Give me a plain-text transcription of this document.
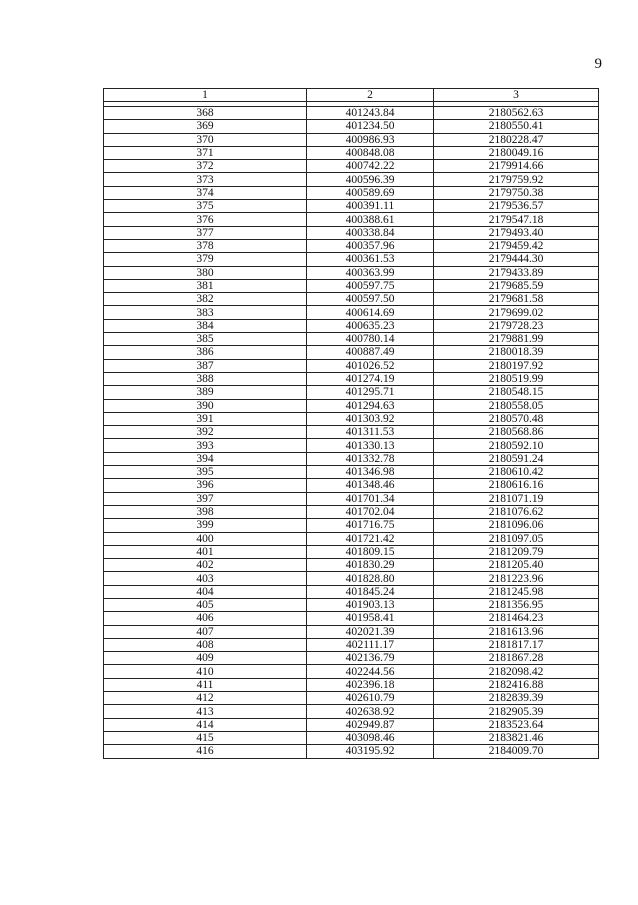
9
1	2	3

368	401243.84	2180562.63
369	401234.50	2180550.41
370	400986.93	2180228.47
371	400848.08	2180049.16
372	400742.22	2179914.66
373	400596.39	2179759.92
374	400589.69	2179750.38
375	400391.11	2179536.57
376	400388.61	2179547.18
377	400338.84	2179493.40
378	400357.96	2179459.42
379	400361.53	2179444.30
380	400363.99	2179433.89
381	400597.75	2179685.59
382	400597.50	2179681.58
383	400614.69	2179699.02
384	400635.23	2179728.23
385	400780.14	2179881.99
386	400887.49	2180018.39
387	401026.52	2180197.92
388	401274.19	2180519.99
389	401295.71	2180548.15
390	401294.63	2180558.05
391	401303.92	2180570.48
392	401311.53	2180568.86
393	401330.13	2180592.10
394	401332.78	2180591.24
395	401346.98	2180610.42
396	401348.46	2180616.16
397	401701.34	2181071.19
398	401702.04	2181076.62
399	401716.75	2181096.06
400	401721.42	2181097.05
401	401809.15	2181209.79
402	401830.29	2181205.40
403	401828.80	2181223.96
404	401845.24	2181245.98
405	401903.13	2181356.95
406	401958.41	2181464.23
407	402021.39	2181613.96
408	402111.17	2181817.17
409	402136.79	2181867.28
410	402244.56	2182098.42
411	402396.18	2182416.88
412	402610.79	2182839.39
413	402638.92	2182905.39
414	402949.87	2183523.64
415	403098.46	2183821.46
416	403195.92	2184009.70
